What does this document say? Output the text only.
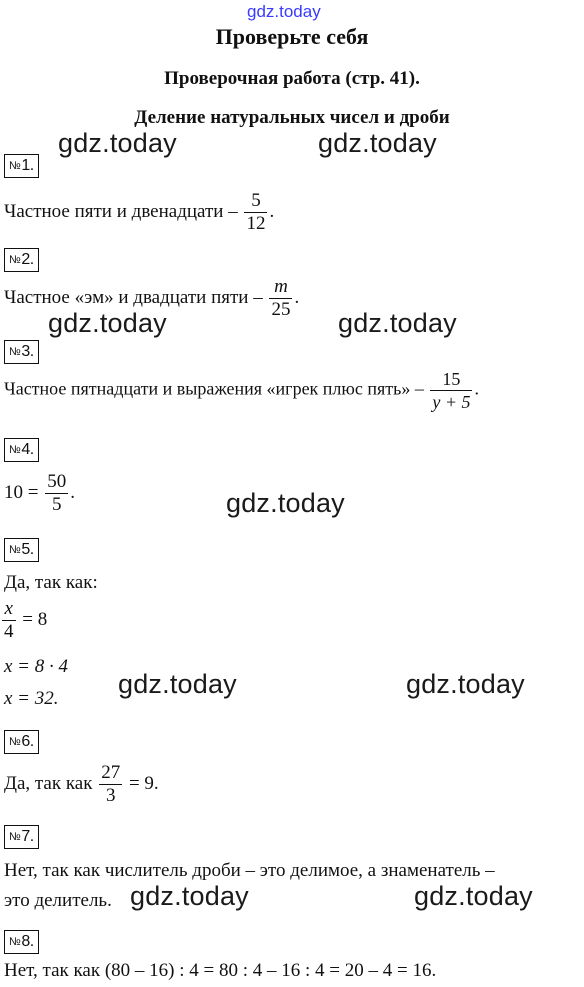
gdz.today
gdz.today	gdz.today
gdz.today	gdz.today
gdz.today
gdz.today	gdz.today
gdz.today	gdz.today
Проверьте себя
Проверочная работа (стр. 41).
Деление натуральных чисел и дроби
№1.
Частное пяти и двенадцати – $\frac{5}{12}$ .
№2.
Частное «эм» и двадцати пяти – $\frac{m}{25}$ .
№3.
Частное пятнадцати и выражения «игрек плюс пять» – $\frac{15}{y + 5}$ .
№4.
$10 = \frac{50}{5}$ .
№5.
Да, так как:
$\frac{x}{4} = 8$
x = 8 · 4
x = 32.
№6.
Да, так как $\frac{27}{3} = 9$.
№7.
Нет, так как числитель дроби – это делимое, а знаменатель –
это делитель.
№8.
Нет, так как (80 – 16) : 4 = 80 : 4 – 16 : 4 = 20 – 4 = 16.
